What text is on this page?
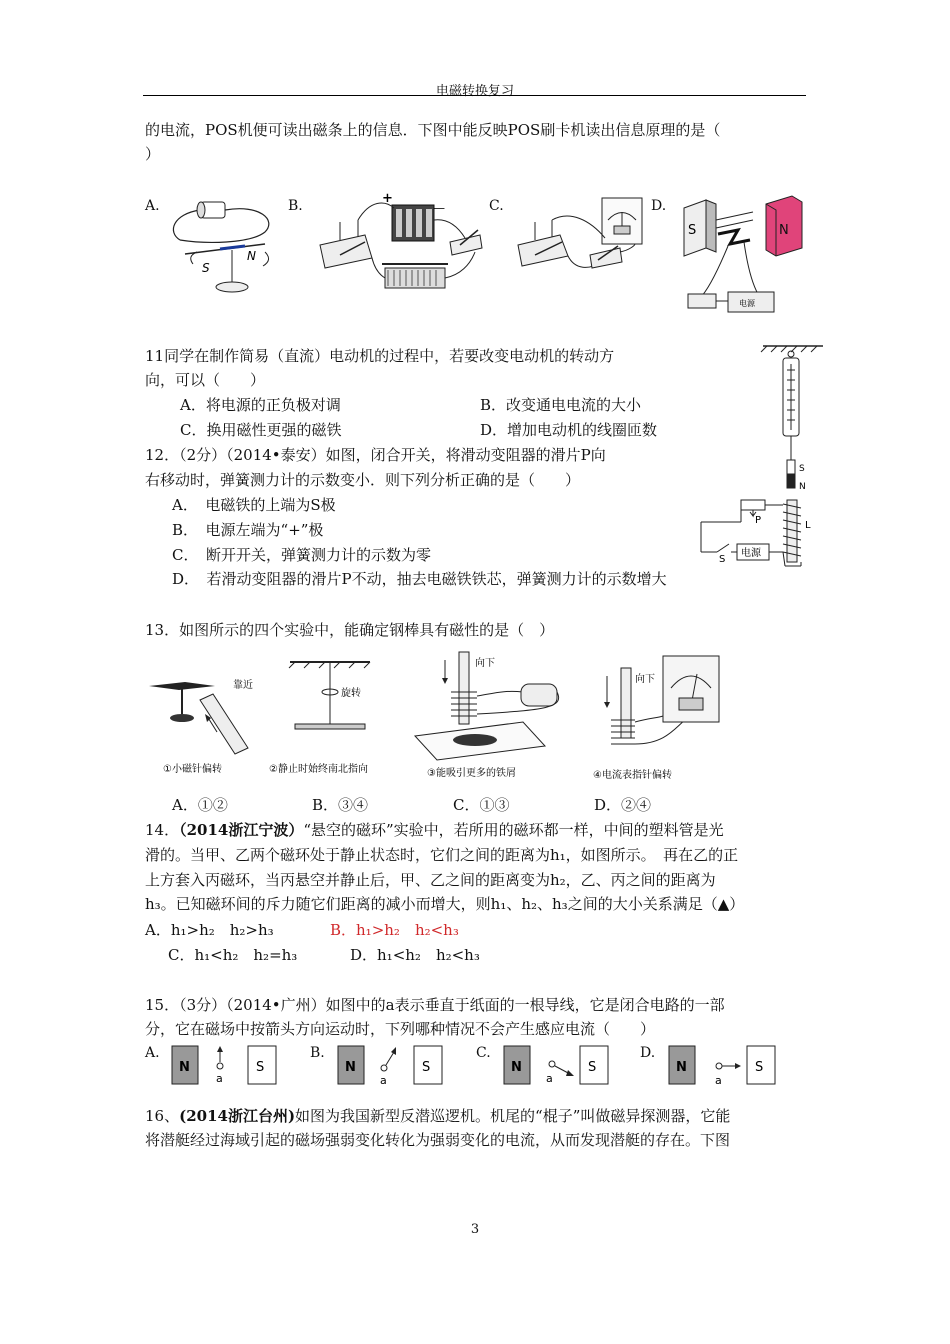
电磁转换复习
的电流，POS机便可读出磁条上的信息．下图中能反映POS刷卡机读出信息原理的是（
）
A.	B.	C.	D.
S
N
+
—
S	N
电源
11同学在制作简易（直流）电动机的过程中，若要改变电动机的转动方
向，可以（　　）
A．将电源的正负极对调	B．改变通电电流的大小
C．换用磁性更强的磁铁	D．增加电动机的线圈匝数
12．（2分）（2014•泰安）如图，闭合开关，将滑动变阻器的滑片P向
右移动时，弹簧测力计的示数变小．则下列分析正确的是（　　）
A．　电磁铁的上端为S极
B．　电源左端为“+”极
C．　断开开关，弹簧测力计的示数为零
D．　若滑动变阻器的滑片P不动，抽去电磁铁铁芯，弹簧测力计的示数增大
S
N
L
P
S
电源
13．如图所示的四个实验中，能确定钢棒具有磁性的是（　）
靠近
旋转
向下
向下
①小磁针偏转	②静止时始终南北指向	③能吸引更多的铁屑	④电流表指针偏转
A．①②	B．③④	C．①③	D．②④
14．（2014浙江宁波）“悬空的磁环”实验中，若所用的磁环都一样，中间的塑料管是光
滑的。当甲、乙两个磁环处于静止状态时，它们之间的距离为h₁，如图所示。　再在乙的正
上方套入丙磁环，当丙悬空并静止后，甲、乙之间的距离变为h₂，乙、丙之间的距离为
h₃。已知磁环间的斥力随它们距离的减小而增大，则h₁、h₂、h₃之间的大小关系满足（▲）
A．h₁>h₂　h₂>h₃	B．h₁>h₂　h₂<h₃
C．h₁<h₂　h₂=h₃	D．h₁<h₂　h₂<h₃
15．（3分）（2014•广州）如图中的a表示垂直于纸面的一根导线，它是闭合电路的一部
分，它在磁场中按箭头方向运动时，下列哪种情况不会产生感应电流（　　）
A.	B.	C.	D.
N
a
S	N
a
S	N
a
S	N
a
S
16、(2014浙江台州)如图为我国新型反潜巡逻机。机尾的“棍子”叫做磁异探测器，它能
将潜艇经过海域引起的磁场强弱变化转化为强弱变化的电流，从而发现潜艇的存在。下图
3
